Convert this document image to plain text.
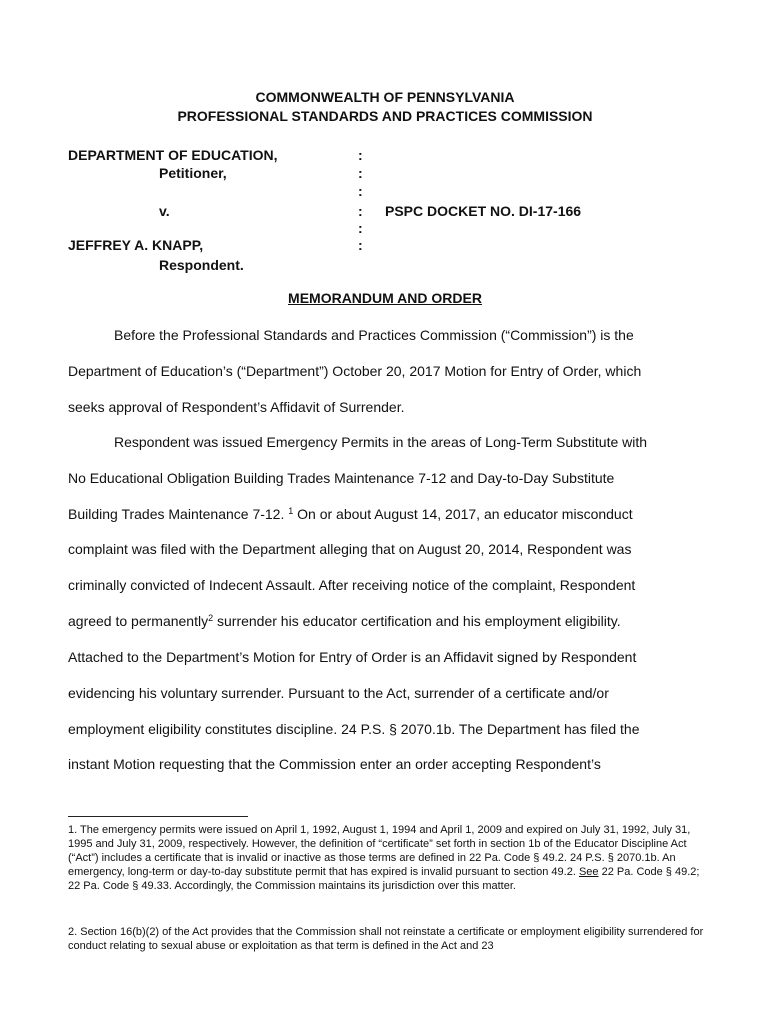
COMMONWEALTH OF PENNSYLVANIA
PROFESSIONAL STANDARDS AND PRACTICES COMMISSION
DEPARTMENT OF EDUCATION,
Petitioner,
v.
JEFFREY A. KNAPP,
Respondent.
:
:
:
:
:
:
PSPC DOCKET NO. DI-17-166
MEMORANDUM AND ORDER
Before the Professional Standards and Practices Commission (“Commission”) is the
Department of Education’s (“Department”) October 20, 2017 Motion for Entry of Order, which
seeks approval of Respondent’s Affidavit of Surrender.
Respondent was issued Emergency Permits in the areas of Long-Term Substitute with
No Educational Obligation Building Trades Maintenance 7-12 and Day-to-Day Substitute
Building Trades Maintenance 7-12. $^1$ On or about August 14, 2017, an educator misconduct
complaint was filed with the Department alleging that on August 20, 2014, Respondent was
criminally convicted of Indecent Assault. After receiving notice of the complaint, Respondent
agreed to permanently$^2$ surrender his educator certification and his employment eligibility.
Attached to the Department’s Motion for Entry of Order is an Affidavit signed by Respondent
evidencing his voluntary surrender. Pursuant to the Act, surrender of a certificate and/or
employment eligibility constitutes discipline. 24 P.S. § 2070.1b. The Department has filed the
instant Motion requesting that the Commission enter an order accepting Respondent’s
1. The emergency permits were issued on April 1, 1992, August 1, 1994 and April 1, 2009 and expired on July 31, 1992, July 31, 1995 and July 31, 2009, respectively. However, the definition of “certificate” set forth in section 1b of the Educator Discipline Act (“Act”) includes a certificate that is invalid or inactive as those terms are defined in 22 Pa. Code § 49.2. 24 P.S. § 2070.1b. An emergency, long-term or day-to-day substitute permit that has expired is invalid pursuant to section 49.2. See 22 Pa. Code § 49.2; 22 Pa. Code § 49.33. Accordingly, the Commission maintains its jurisdiction over this matter.
2. Section 16(b)(2) of the Act provides that the Commission shall not reinstate a certificate or employment eligibility surrendered for conduct relating to sexual abuse or exploitation as that term is defined in the Act and 23
